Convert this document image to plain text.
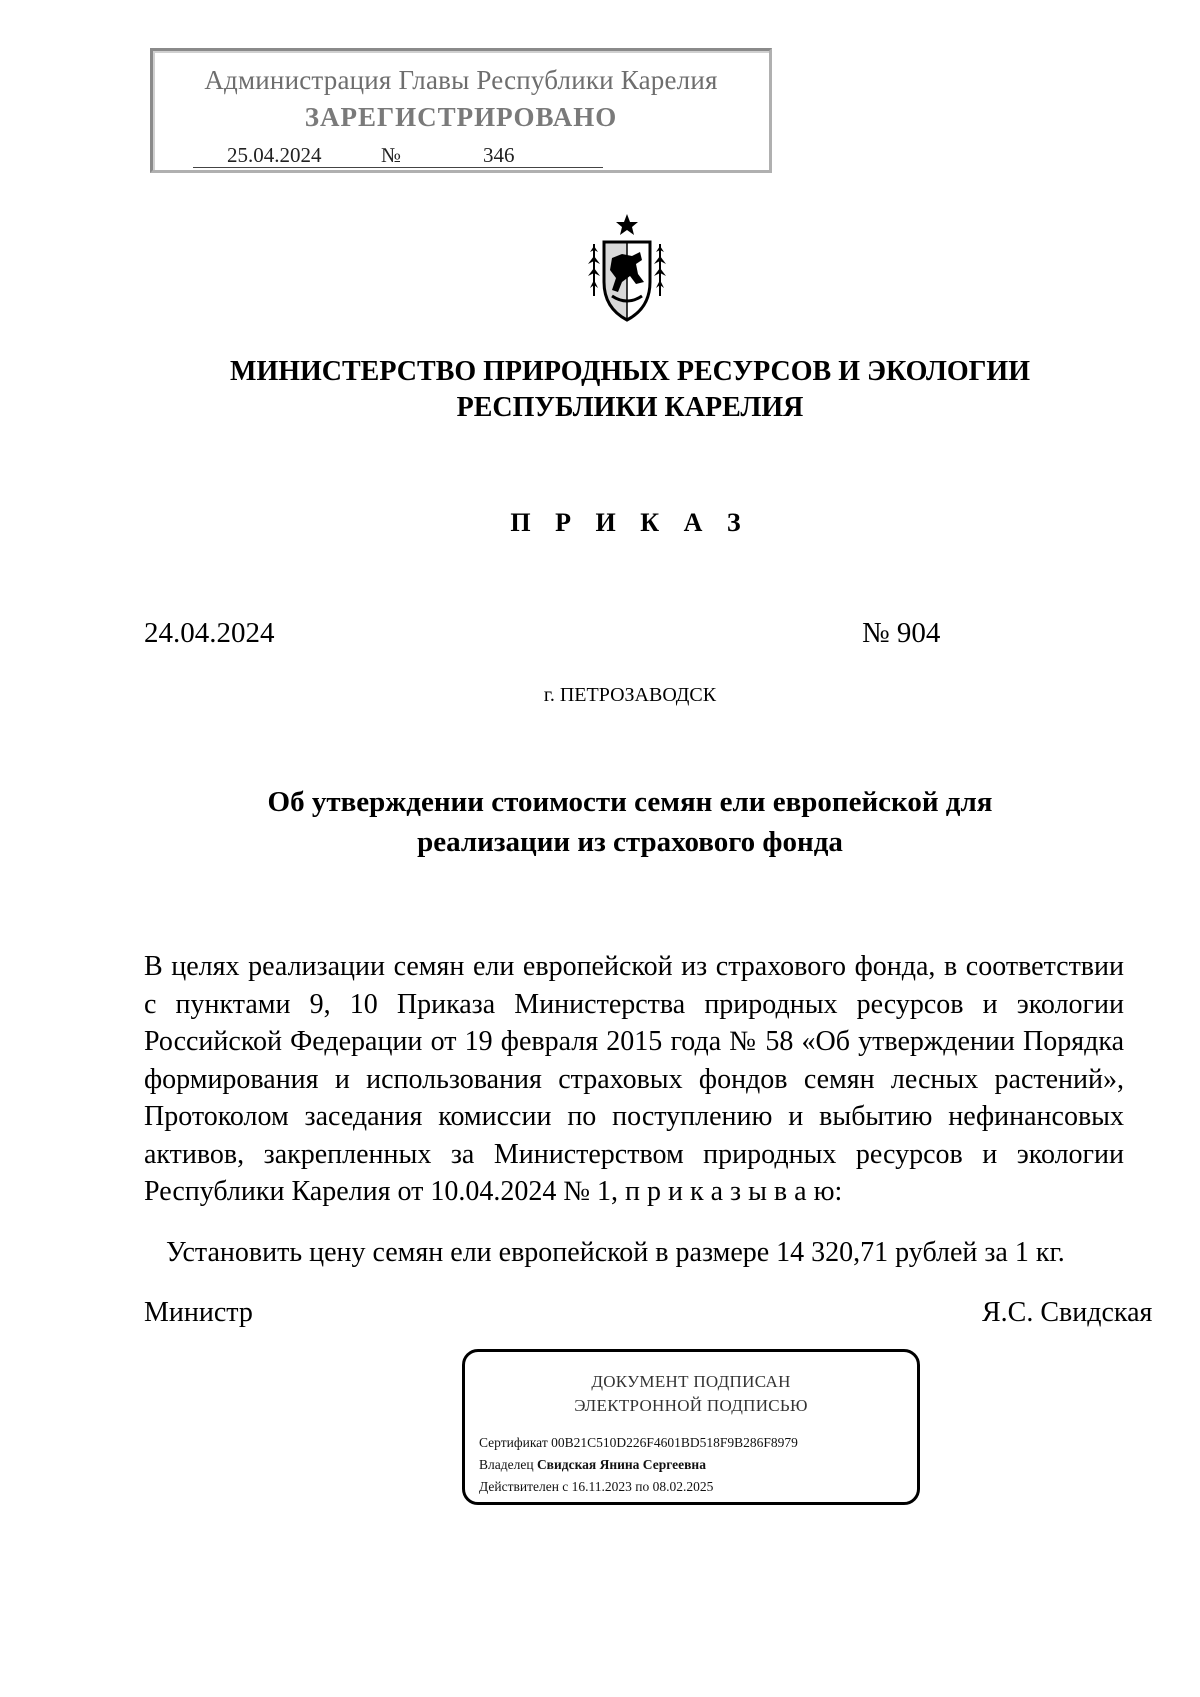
Администрация Главы Республики Карелия
ЗАРЕГИСТРИРОВАНО
25.04.2024	№	346
МИНИСТЕРСТВО ПРИРОДНЫХ РЕСУРСОВ И ЭКОЛОГИИ
РЕСПУБЛИКИ КАРЕЛИЯ
П Р И К А З
24.04.2024	№ 904
г. ПЕТРОЗАВОДСК
Об утверждении стоимости семян ели европейской для
реализации из страхового фонда
В целях реализации семян ели европейской из страхового фонда, в соответствии с пунктами 9, 10 Приказа Министерства природных ресурсов и экологии Российской Федерации от 19 февраля 2015 года № 58 «Об утверждении Порядка формирования и использования страховых фондов семян лесных растений», Протоколом заседания комиссии по поступлению и выбытию нефинансовых активов, закрепленных за Министерством природных ресурсов и экологии Республики Карелия от 10.04.2024 № 1, п р и к а з ы в а ю:
Установить цену семян ели европейской в размере 14 320,71 рублей за 1 кг.
Министр	Я.С. Свидская
ДОКУМЕНТ ПОДПИСАН
ЭЛЕКТРОННОЙ ПОДПИСЬЮ
Сертификат 00B21C510D226F4601BD518F9B286F8979
Владелец Свидская Янина Сергеевна
Действителен с 16.11.2023 по 08.02.2025
